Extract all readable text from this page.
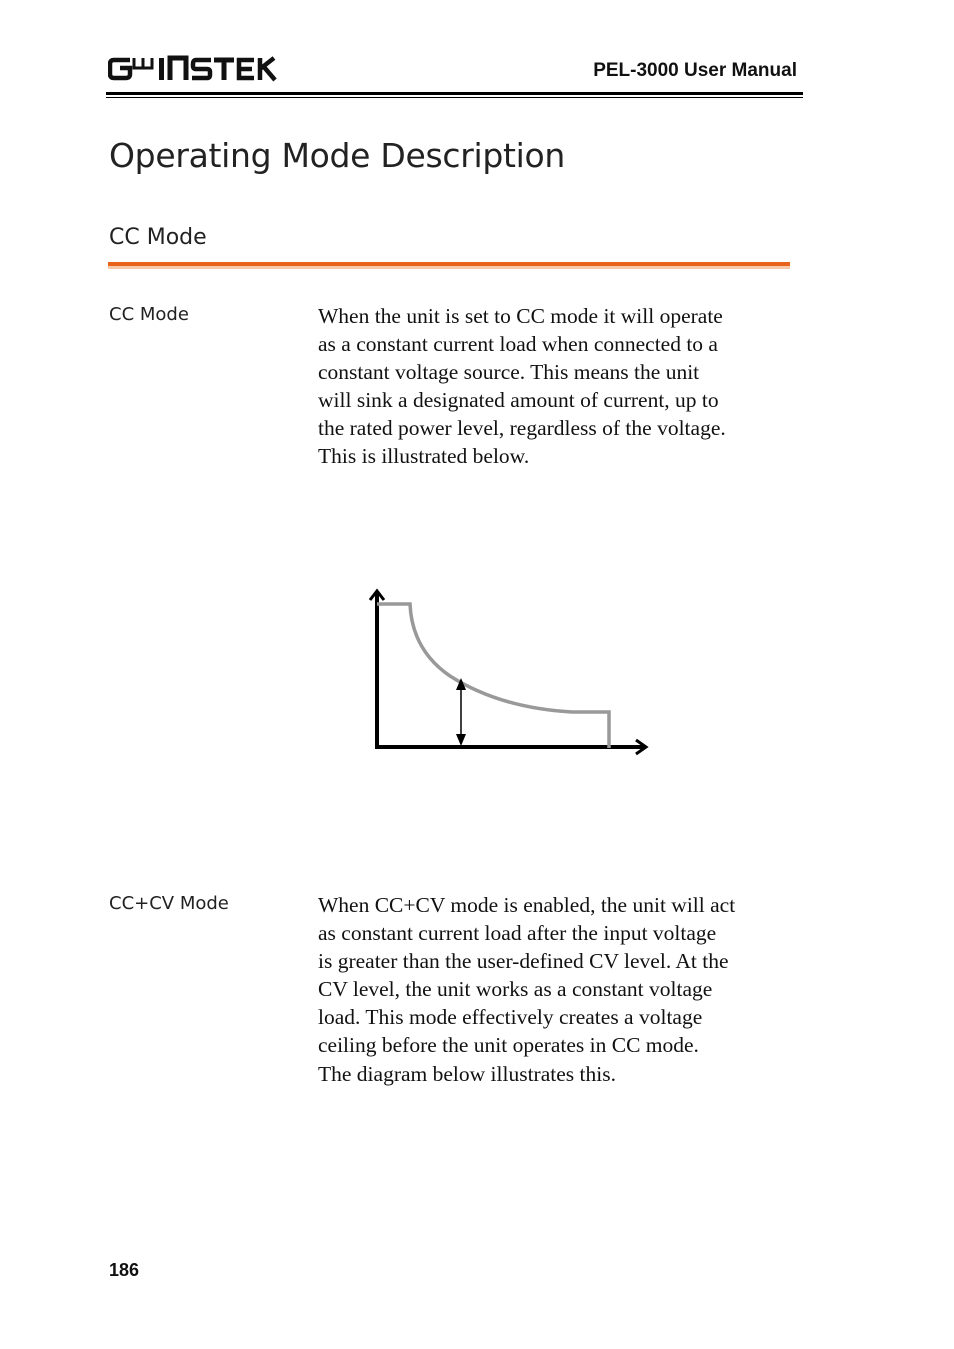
PEL-3000 User Manual
Operating Mode Description
CC Mode
CC Mode	When the unit is set to CC mode it will operate
as a constant current load when connected to a
constant voltage source. This means the unit
will sink a designated amount of current, up to
the rated power level, regardless of the voltage.
This is illustrated below.

CC+CV Mode	When CC+CV mode is enabled, the unit will act
as constant current load after the input voltage
is greater than the user-defined CV level. At the
CV level, the unit works as a constant voltage
load. This mode effectively creates a voltage
ceiling before the unit operates in CC mode.
The diagram below illustrates this.

186
